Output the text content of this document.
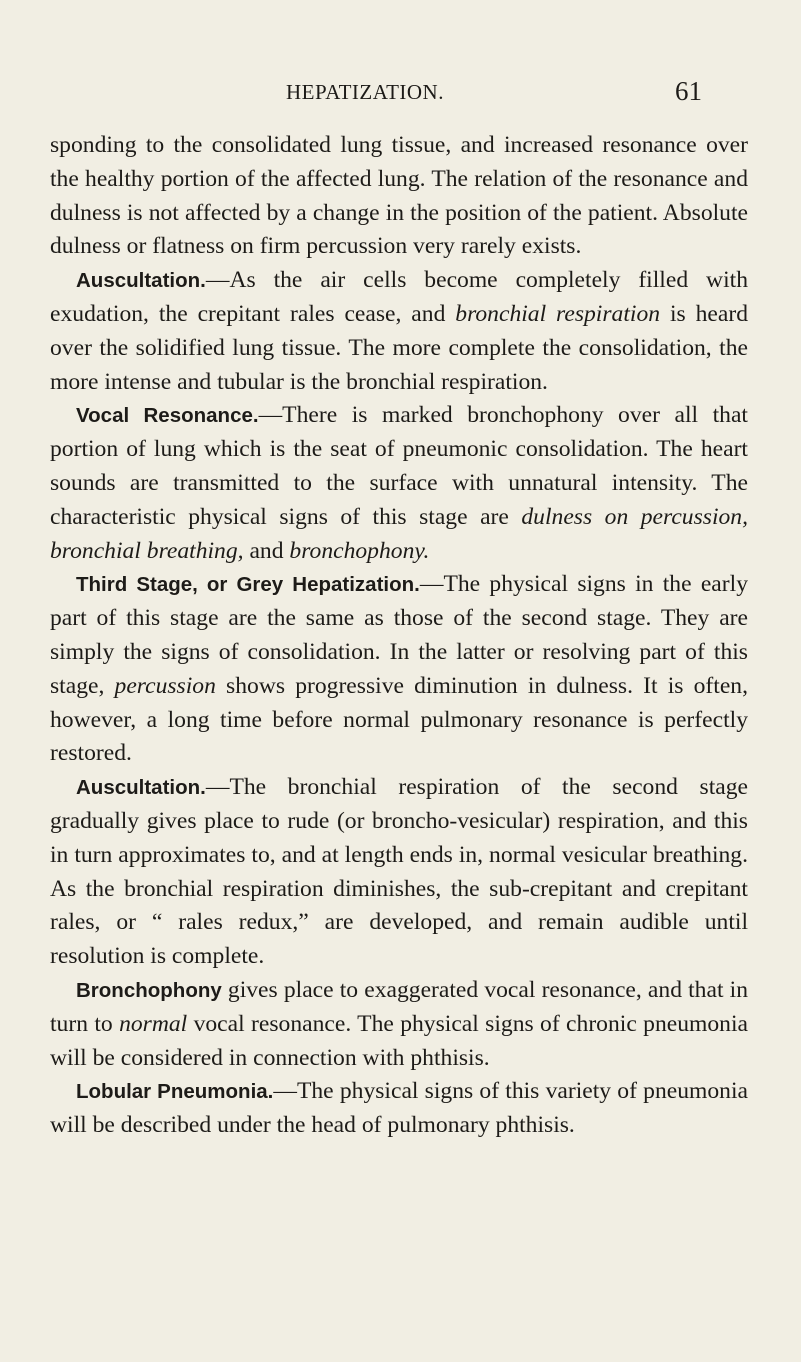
HEPATIZATION.	61

sponding to the consolidated lung tissue, and increased resonance over the healthy portion of the affected lung. The relation of the resonance and dulness is not affected by a change in the position of the patient. Absolute dulness or flatness on firm percussion very rarely exists.

Auscultation.—As the air cells become completely filled with exudation, the crepitant rales cease, and bronchial respiration is heard over the solidified lung tissue. The more complete the consolidation, the more intense and tubular is the bronchial respiration.

Vocal Resonance.—There is marked bronchophony over all that portion of lung which is the seat of pneumonic consolidation. The heart sounds are transmitted to the surface with unnatural intensity. The characteristic physical signs of this stage are dulness on percussion, bronchial breathing, and bronchophony.

Third Stage, or Grey Hepatization.—The physical signs in the early part of this stage are the same as those of the second stage. They are simply the signs of consolidation. In the latter or resolving part of this stage, percussion shows progressive diminution in dulness. It is often, however, a long time before normal pulmonary resonance is perfectly restored.

Auscultation.—The bronchial respiration of the second stage gradually gives place to rude (or broncho-vesicular) respiration, and this in turn approximates to, and at length ends in, normal vesicular breathing. As the bronchial respiration diminishes, the sub-crepitant and crepitant rales, or “ rales redux,” are developed, and remain audible until resolution is complete.

Bronchophony gives place to exaggerated vocal resonance, and that in turn to normal vocal resonance. The physical signs of chronic pneumonia will be considered in connection with phthisis.

Lobular Pneumonia.—The physical signs of this variety of pneumonia will be described under the head of pulmonary phthisis.
